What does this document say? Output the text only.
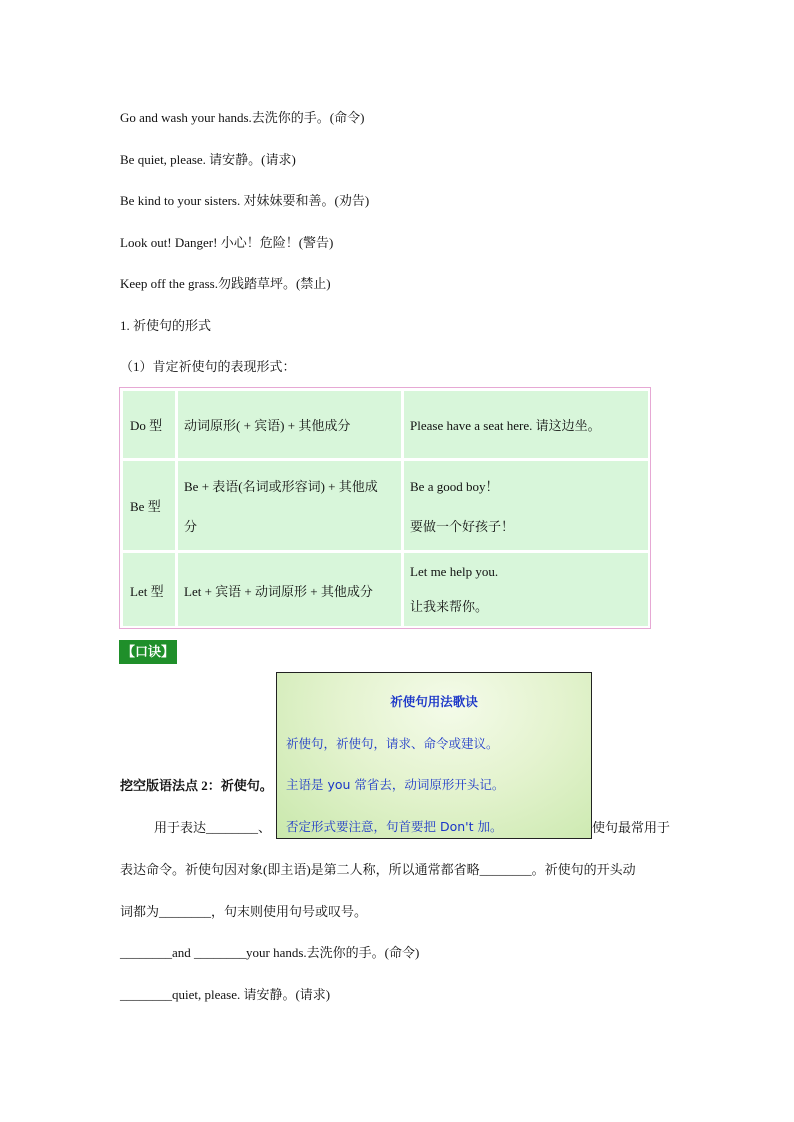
Go and wash your hands.去洗你的手。(命令)
Be quiet, please. 请安静。(请求)
Be kind to your sisters. 对妹妹要和善。(劝告)
Look out! Danger! 小心！危险！(警告)
Keep off the grass.勿践踏草坪。(禁止)
1. 祈使句的形式
（1）肯定祈使句的表现形式：
Do 型 动词原形( + 宾语) + 其他成分	Please have a seat here. 请这边坐。
Be 型
Be + 表语(名词或形容词) + 其他成
分
Be a good boy！
要做一个好孩子！
Let 型 Let + 宾语 + 动词原形 + 其他成分
Let me help you.
让我来帮你。
【口诀】
挖空版语法点 2：祈使句。
用于表达________、	使句最常用于
表达命令。祈使句因对象(即主语)是第二人称，所以通常都省略________。祈使句的开头动
词都为________，句末则使用句号或叹号。
________and ________your hands.去洗你的手。(命令)
________quiet, please. 请安静。(请求)
祈使句用法歌诀
祈使句，祈使句，请求、命令或建议。
主语是 you 常省去，动词原形开头记。
否定形式要注意，句首要把 Don't 加。
